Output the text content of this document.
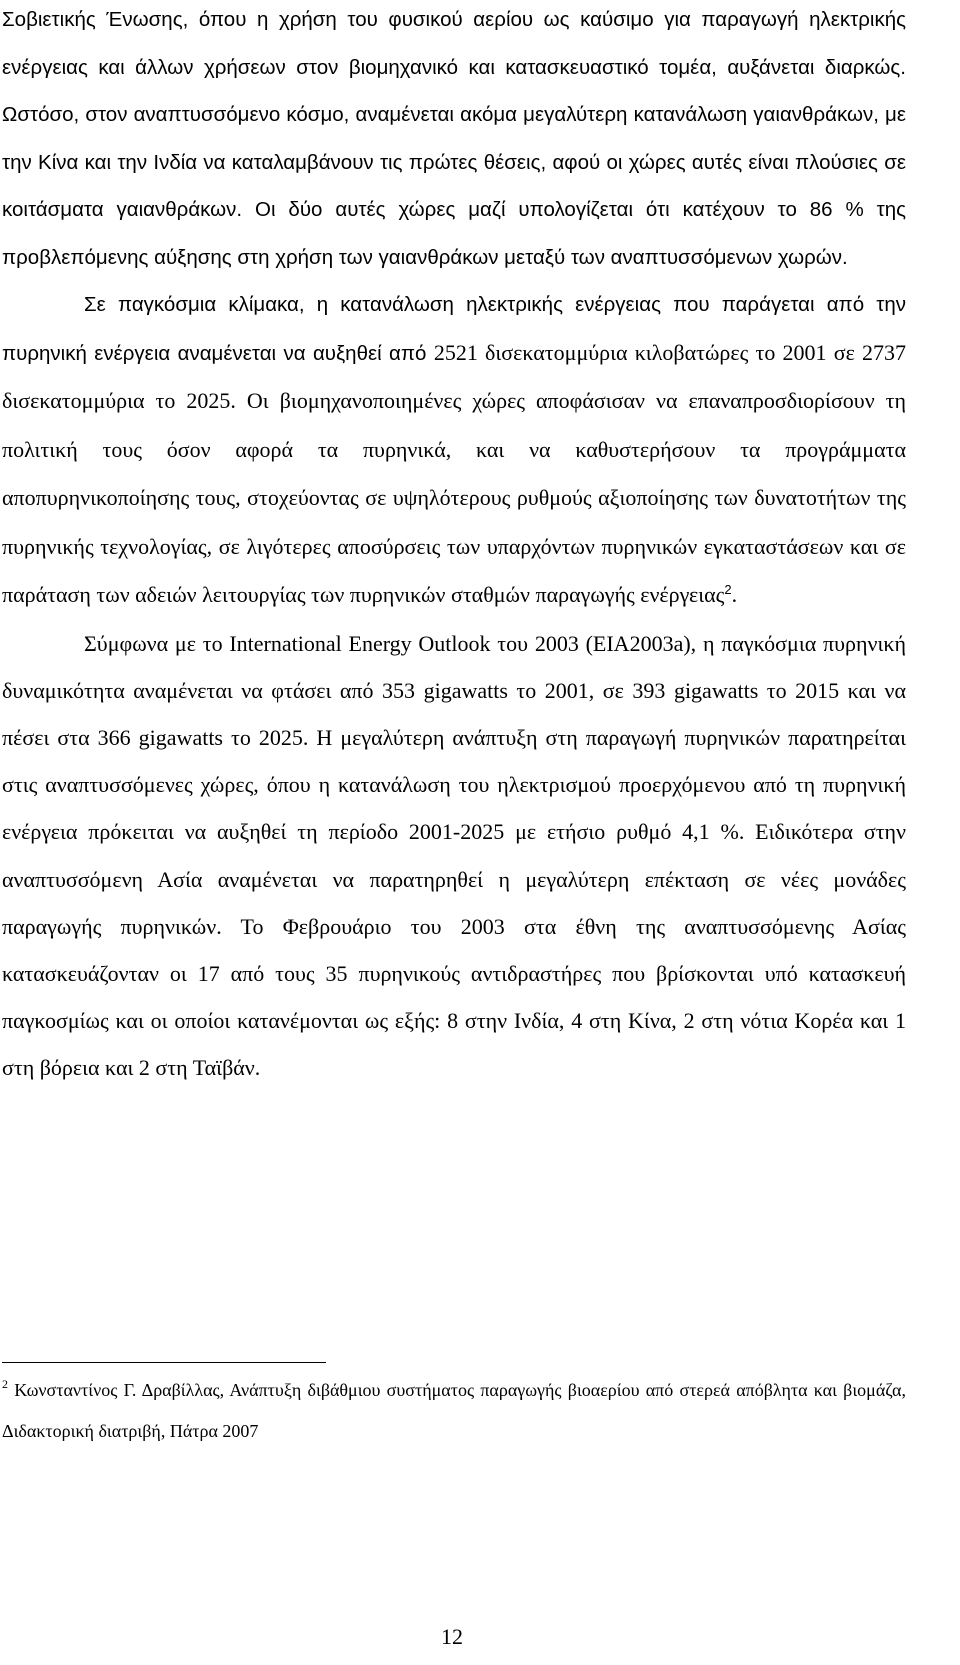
Σοβιετικής Ένωσης, όπου η χρήση του φυσικού αερίου ως καύσιμο για παραγωγή ηλεκτρικής ενέργειας και άλλων χρήσεων στον βιομηχανικό και κατασκευαστικό τομέα, αυξάνεται διαρκώς. Ωστόσο, στον αναπτυσσόμενο κόσμο, αναμένεται ακόμα μεγαλύτερη κατανάλωση γαιανθράκων, με την Κίνα και την Ινδία να καταλαμβάνουν τις πρώτες θέσεις, αφού οι χώρες αυτές είναι πλούσιες σε κοιτάσματα γαιανθράκων. Οι δύο αυτές χώρες μαζί υπολογίζεται ότι κατέχουν το 86 % της προβλεπόμενης αύξησης στη χρήση των γαιανθράκων μεταξύ των αναπτυσσόμενων χωρών.

Σε παγκόσμια κλίμακα, η κατανάλωση ηλεκτρικής ενέργειας που παράγεται από την πυρηνική ενέργεια αναμένεται να αυξηθεί από 2521 δισεκατομμύρια κιλοβατώρες το 2001 σε 2737 δισεκατομμύρια το 2025. Οι βιομηχανοποιημένες χώρες αποφάσισαν να επαναπροσδιορίσουν τη πολιτική τους όσον αφορά τα πυρηνικά, και να καθυστερήσουν τα προγράμματα αποπυρηνικοποίησης τους, στοχεύοντας σε υψηλότερους ρυθμούς αξιοποίησης των δυνατοτήτων της πυρηνικής τεχνολογίας, σε λιγότερες αποσύρσεις των υπαρχόντων πυρηνικών εγκαταστάσεων και σε παράταση των αδειών λειτουργίας των πυρηνικών σταθμών παραγωγής ενέργειας$^2$.

Σύμφωνα με το International Energy Outlook του 2003 (EIA2003a), η παγκόσμια πυρηνική δυναμικότητα αναμένεται να φτάσει από 353 gigawatts το 2001, σε 393 gigawatts το 2015 και να πέσει στα 366 gigawatts το 2025. Η μεγαλύτερη ανάπτυξη στη παραγωγή πυρηνικών παρατηρείται στις αναπτυσσόμενες χώρες, όπου η κατανάλωση του ηλεκτρισμού προερχόμενου από τη πυρηνική ενέργεια πρόκειται να αυξηθεί τη περίοδο 2001-2025 με ετήσιο ρυθμό 4,1 %. Ειδικότερα στην αναπτυσσόμενη Ασία αναμένεται να παρατηρηθεί η μεγαλύτερη επέκταση σε νέες μονάδες παραγωγής πυρηνικών. Το Φεβρουάριο του 2003 στα έθνη της αναπτυσσόμενης Ασίας κατασκευάζονταν οι 17 από τους 35 πυρηνικούς αντιδραστήρες που βρίσκονται υπό κατασκευή παγκοσμίως και οι οποίοι κατανέμονται ως εξής: 8 στην Ινδία, 4 στη Κίνα, 2 στη νότια Κορέα και 1 στη βόρεια και 2 στη Ταϊβάν.

$^2$ Κωνσταντίνος Γ. Δραβίλλας, Ανάπτυξη διβάθμιου συστήματος παραγωγής βιοαερίου από στερεά απόβλητα και βιομάζα, Διδακτορική διατριβή, Πάτρα 2007

12
